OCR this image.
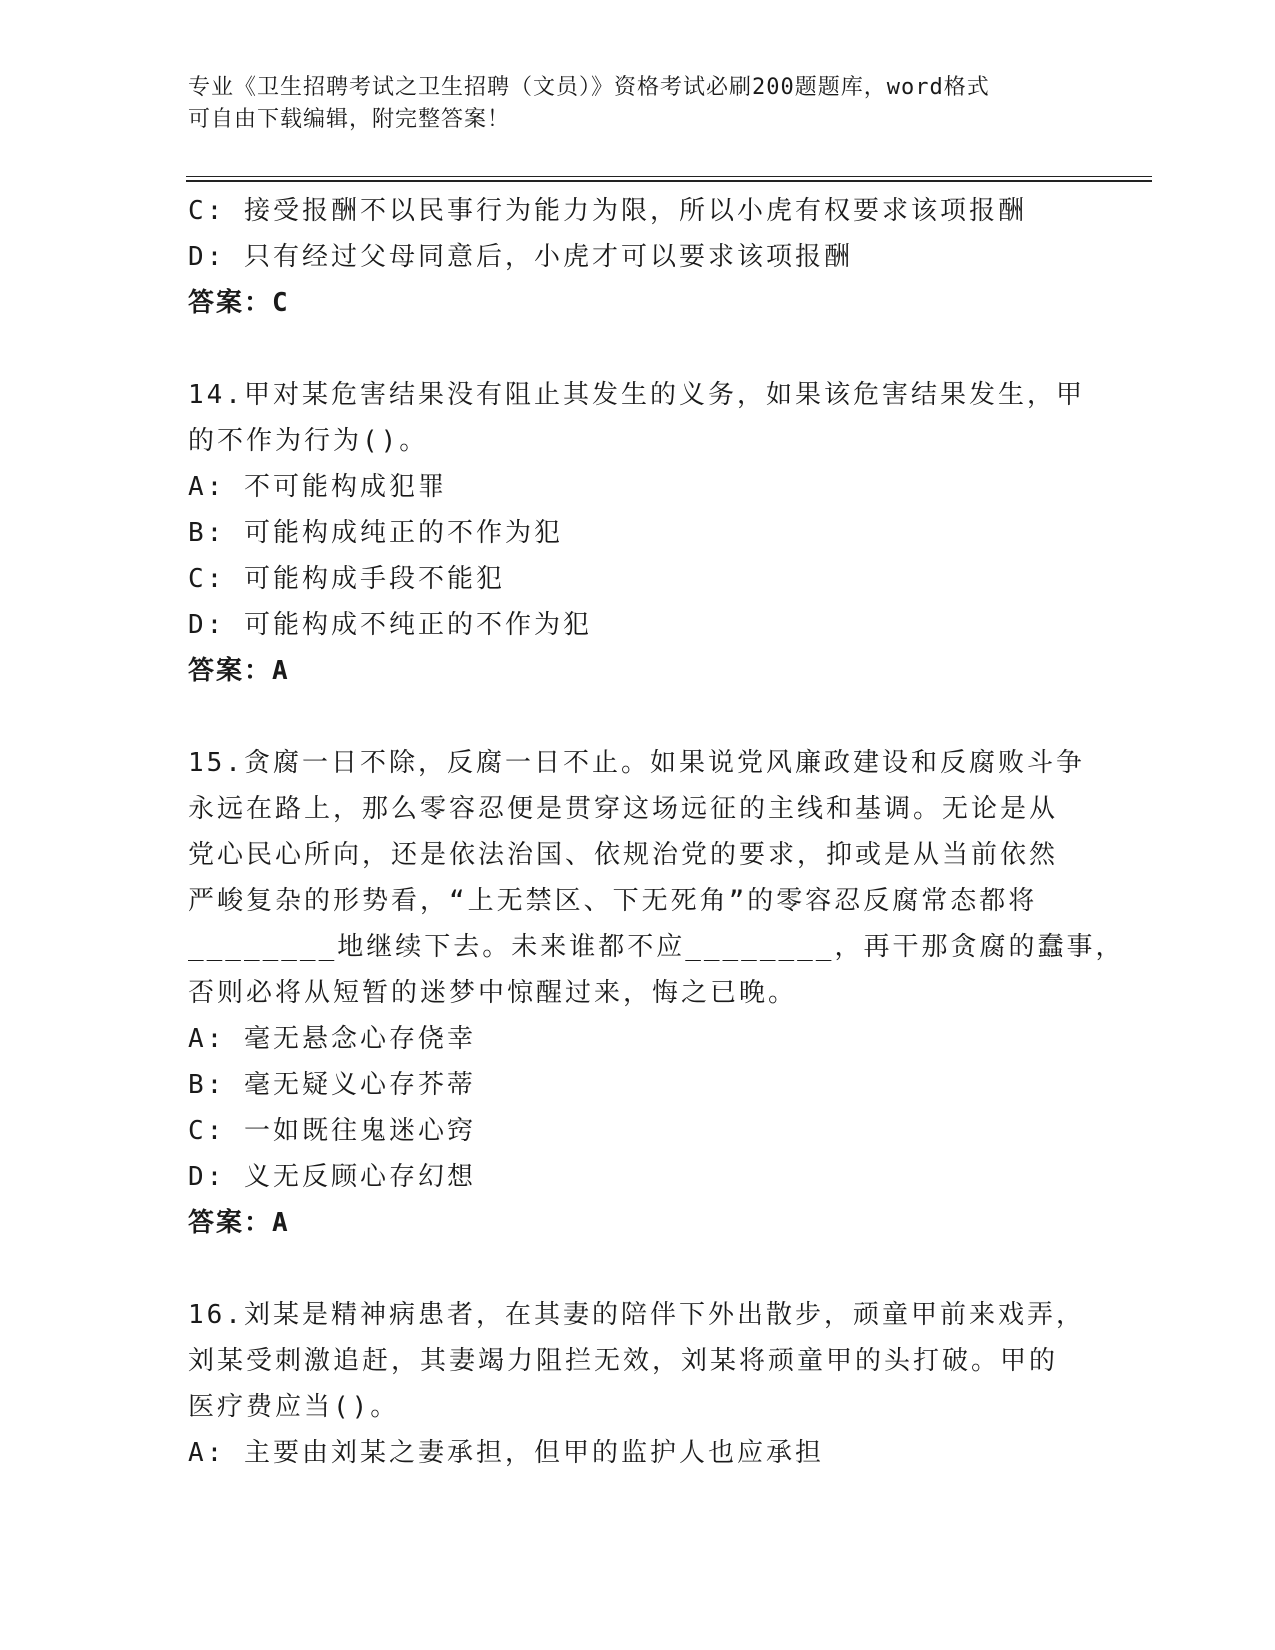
专业《卫生招聘考试之卫生招聘（文员）》资格考试必刷200题题库，word格式
可自由下载编辑，附完整答案！
C: 接受报酬不以民事行为能力为限，所以小虎有权要求该项报酬
D: 只有经过父母同意后，小虎才可以要求该项报酬
答案：C
14.甲对某危害结果没有阻止其发生的义务，如果该危害结果发生，甲
的不作为行为()。
A: 不可能构成犯罪
B: 可能构成纯正的不作为犯
C: 可能构成手段不能犯
D: 可能构成不纯正的不作为犯
答案：A
15.贪腐一日不除，反腐一日不止。如果说党风廉政建设和反腐败斗争
永远在路上，那么零容忍便是贯穿这场远征的主线和基调。无论是从
党心民心所向，还是依法治国、依规治党的要求，抑或是从当前依然
严峻复杂的形势看，“上无禁区、下无死角”的零容忍反腐常态都将
________地继续下去。未来谁都不应________，再干那贪腐的蠢事，
否则必将从短暂的迷梦中惊醒过来，悔之已晚。
A: 毫无悬念心存侥幸
B: 毫无疑义心存芥蒂
C: 一如既往鬼迷心窍
D: 义无反顾心存幻想
答案：A
16.刘某是精神病患者，在其妻的陪伴下外出散步，顽童甲前来戏弄，
刘某受刺激追赶，其妻竭力阻拦无效，刘某将顽童甲的头打破。甲的
医疗费应当()。
A: 主要由刘某之妻承担，但甲的监护人也应承担
